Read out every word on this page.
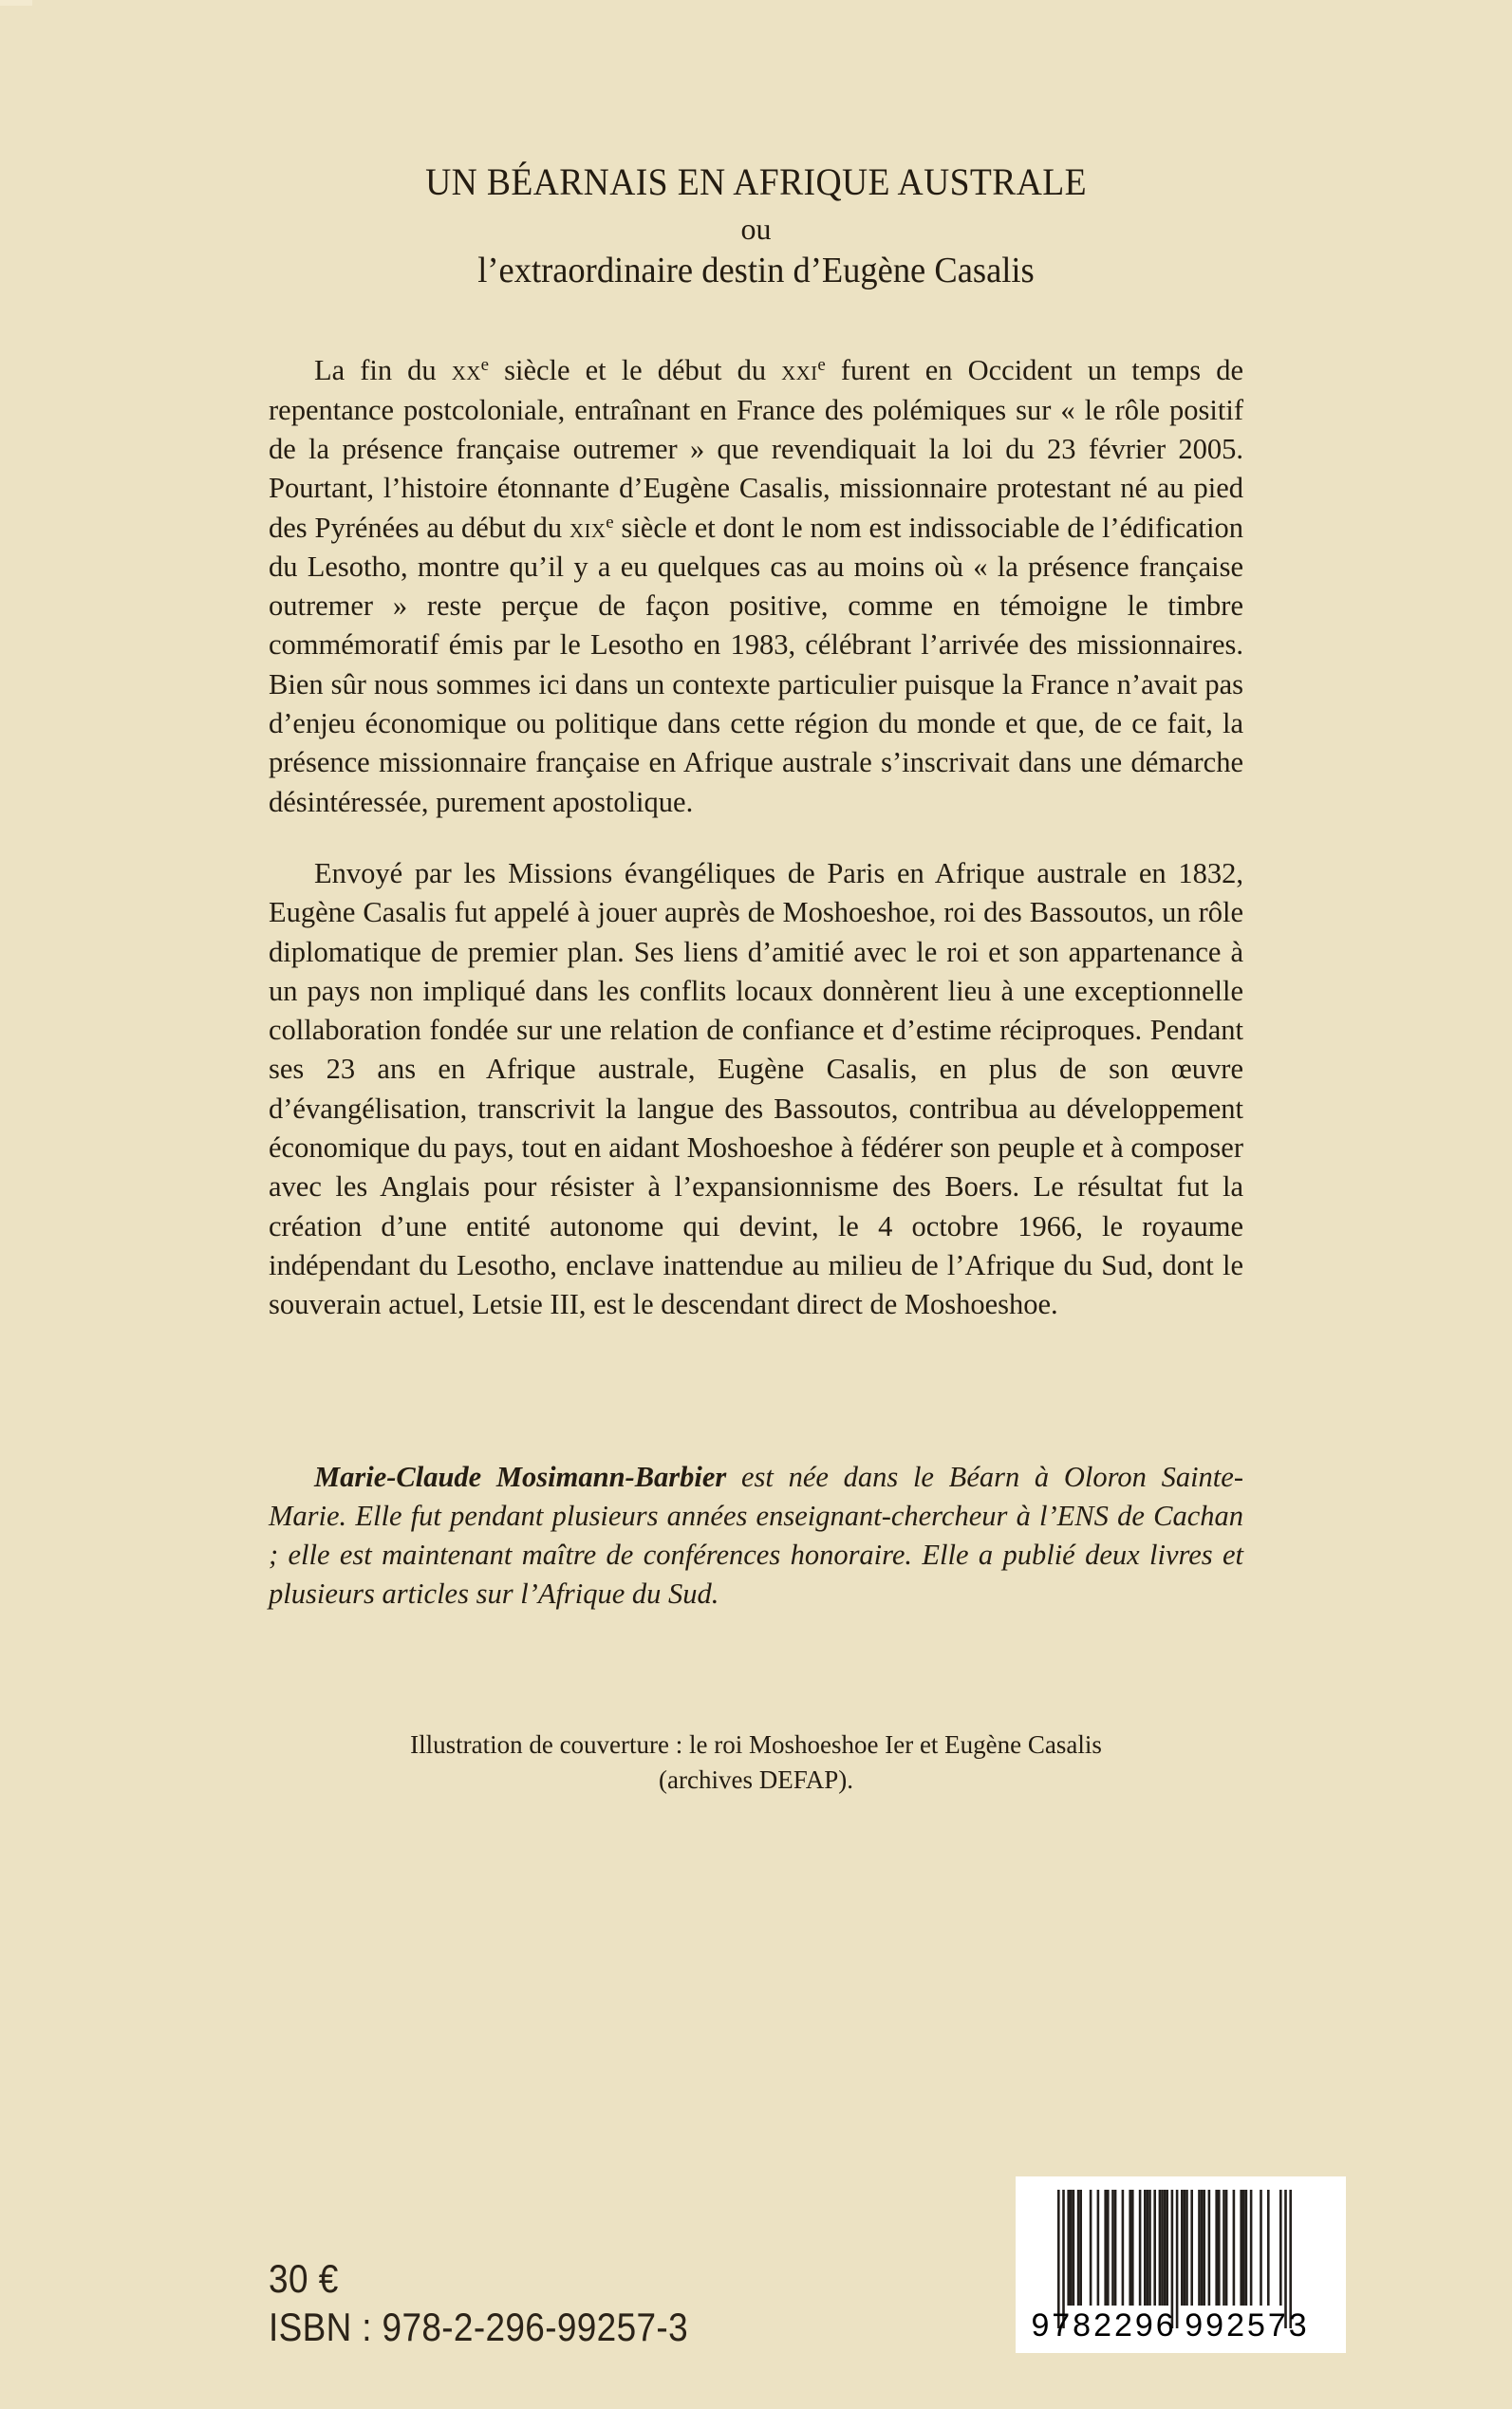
UN BÉARNAIS EN AFRIQUE AUSTRALE
ou
l’extraordinaire destin d’Eugène Casalis

La fin du $xx^e$ siècle et le début du xxi$^e$ furent en Occident un temps de repentance postcoloniale, entraînant en France des polémiques sur « le rôle positif de la présence française outremer » que revendiquait la loi du 23 février 2005. Pourtant, l’histoire étonnante d’Eugène Casalis, missionnaire protestant né au pied des Pyrénées au début du xix$^e$ siècle et dont le nom est indissociable de l’édification du Lesotho, montre qu’il y a eu quelques cas au moins où « la présence française outremer » reste perçue de façon positive, comme en témoigne le timbre commémoratif émis par le Lesotho en 1983, célébrant l’arrivée des missionnaires. Bien sûr nous sommes ici dans un contexte particulier puisque la France n’avait pas d’enjeu économique ou politique dans cette région du monde et que, de ce fait, la présence missionnaire française en Afrique australe s’inscrivait dans une démarche désintéressée, purement apostolique.

Envoyé par les Missions évangéliques de Paris en Afrique australe en 1832, Eugène Casalis fut appelé à jouer auprès de Moshoeshoe, roi des Bassoutos, un rôle diplomatique de premier plan. Ses liens d’amitié avec le roi et son appartenance à un pays non impliqué dans les conflits locaux donnèrent lieu à une exceptionnelle collaboration fondée sur une relation de confiance et d’estime réciproques. Pendant ses 23 ans en Afrique australe, Eugène Casalis, en plus de son œuvre d’évangélisation, transcrivit la langue des Bassoutos, contribua au développement économique du pays, tout en aidant Moshoeshoe à fédérer son peuple et à composer avec les Anglais pour résister à l’expansionnisme des Boers. Le résultat fut la création d’une entité autonome qui devint, le 4 octobre 1966, le royaume indépendant du Lesotho, enclave inattendue au milieu de l’Afrique du Sud, dont le souverain actuel, Letsie III, est le descendant direct de Moshoeshoe.

Marie-Claude Mosimann-Barbier est née dans le Béarn à Oloron Sainte-Marie. Elle fut pendant plusieurs années enseignant-chercheur à l’ENS de Cachan ; elle est maintenant maître de conférences honoraire. Elle a publié deux livres et plusieurs articles sur l’Afrique du Sud.

Illustration de couverture : le roi Moshoeshoe Ier et Eugène Casalis
(archives DEFAP).
30 €
ISBN : 978-2-296-99257-3	9 782296 992573
